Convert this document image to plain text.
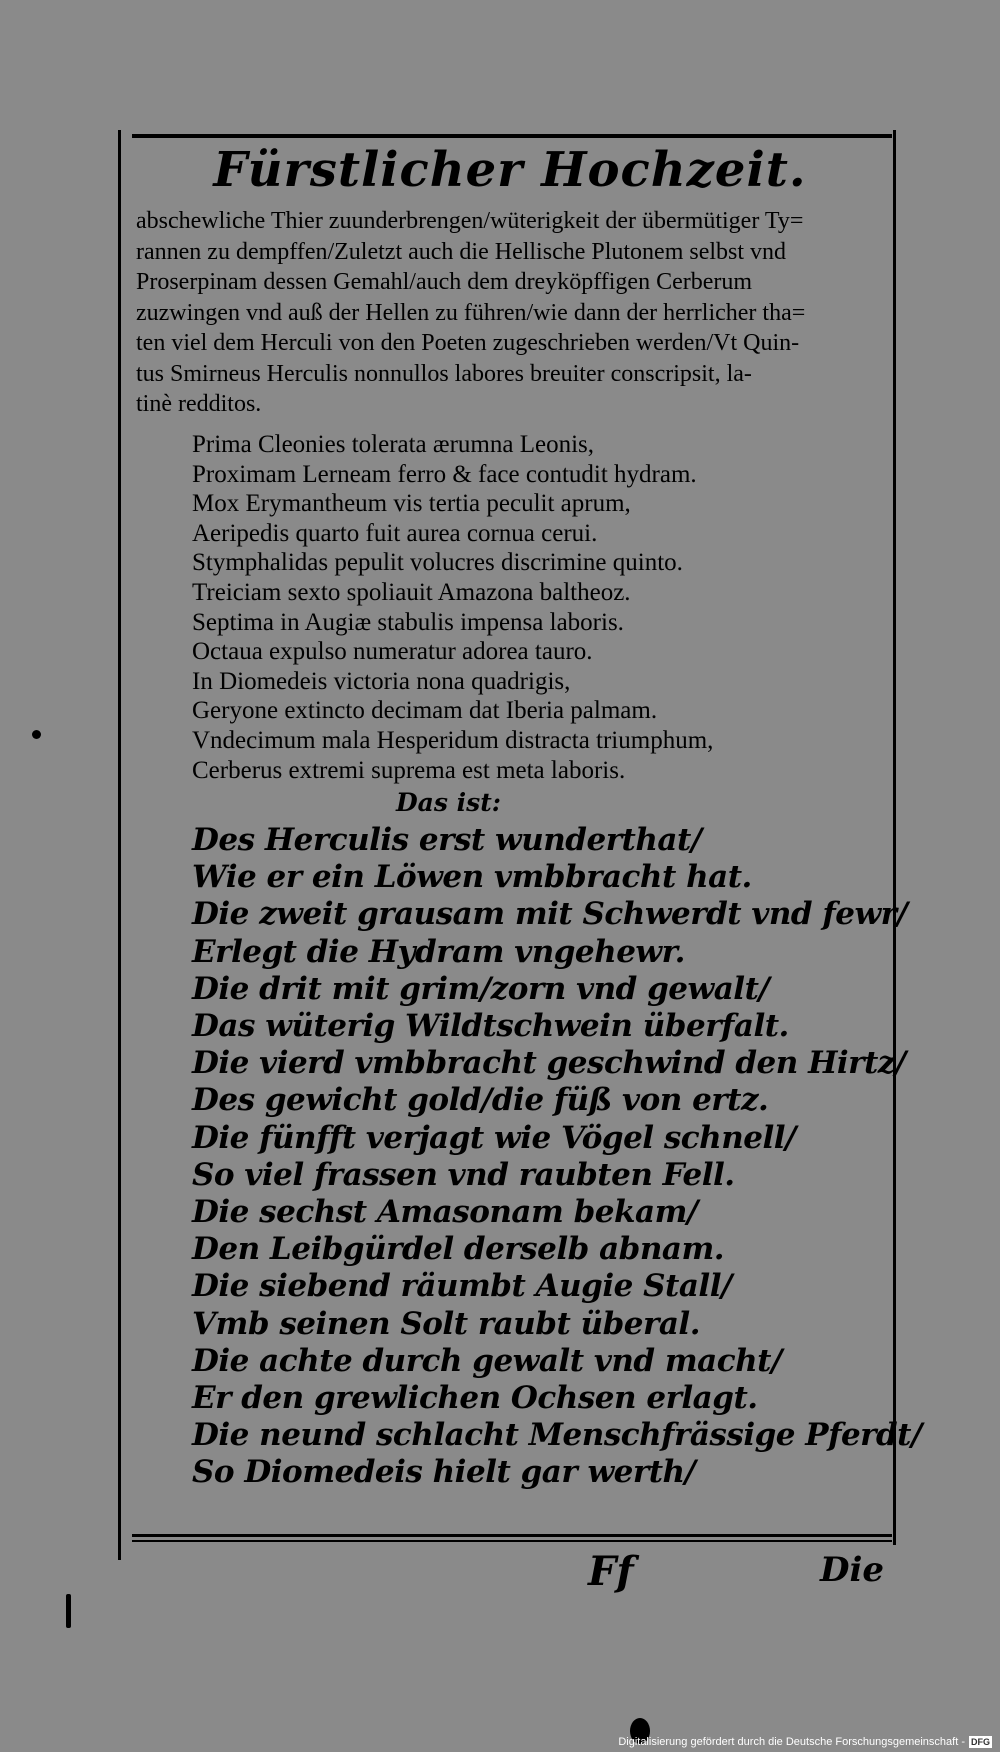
Fürstlicher Hochzeit.
abschewliche Thier zuunderbrengen/wüterigkeit der übermütiger Ty=
rannen zu dempffen/Zuletzt auch die Hellische Plutonem selbst vnd
Proserpinam dessen Gemahl/auch dem dreyköpffigen Cerberum
zuzwingen vnd auß der Hellen zu führen/wie dann der herrlicher tha=
ten viel dem Herculi von den Poeten zugeschrieben werden/Vt Quin-
tus Smirneus Herculis nonnullos labores breuiter conscripsit, la-
tinè redditos.
Prima Cleonies tolerata ærumna Leonis,
Proximam Lerneam ferro & face contudit hydram.
Mox Erymantheum vis tertia peculit aprum,
Aeripedis quarto fuit aurea cornua cerui.
Stymphalidas pepulit volucres discrimine quinto.
Treiciam sexto spoliauit Amazona baltheoz.
Septima in Augiæ stabulis impensa laboris.
Octaua expulso numeratur adorea tauro.
In Diomedeis victoria nona quadrigis,
Geryone extincto decimam dat Iberia palmam.
Vndecimum mala Hesperidum distracta triumphum,
Cerberus extremi suprema est meta laboris.
Das ist:
Des Herculis erst wunderthat/
Wie er ein Löwen vmbbracht hat.
Die zweit grausam mit Schwerdt vnd fewr/
Erlegt die Hydram vngehewr.
Die drit mit grim/zorn vnd gewalt/
Das wüterig Wildtschwein überfalt.
Die vierd vmbbracht geschwind den Hirtz/
Des gewicht gold/die füß von ertz.
Die fünfft verjagt wie Vögel schnell/
So viel frassen vnd raubten Fell.
Die sechst Amasonam bekam/
Den Leibgürdel derselb abnam.
Die siebend räumbt Augie Stall/
Vmb seinen Solt raubt überal.
Die achte durch gewalt vnd macht/
Er den grewlichen Ochsen erlagt.
Die neund schlacht Menschfrässige Pferdt/
So Diomedeis hielt gar werth/
Ff	Die
Digitalisierung gefördert durch die Deutsche Forschungsgemeinschaft - DFG
